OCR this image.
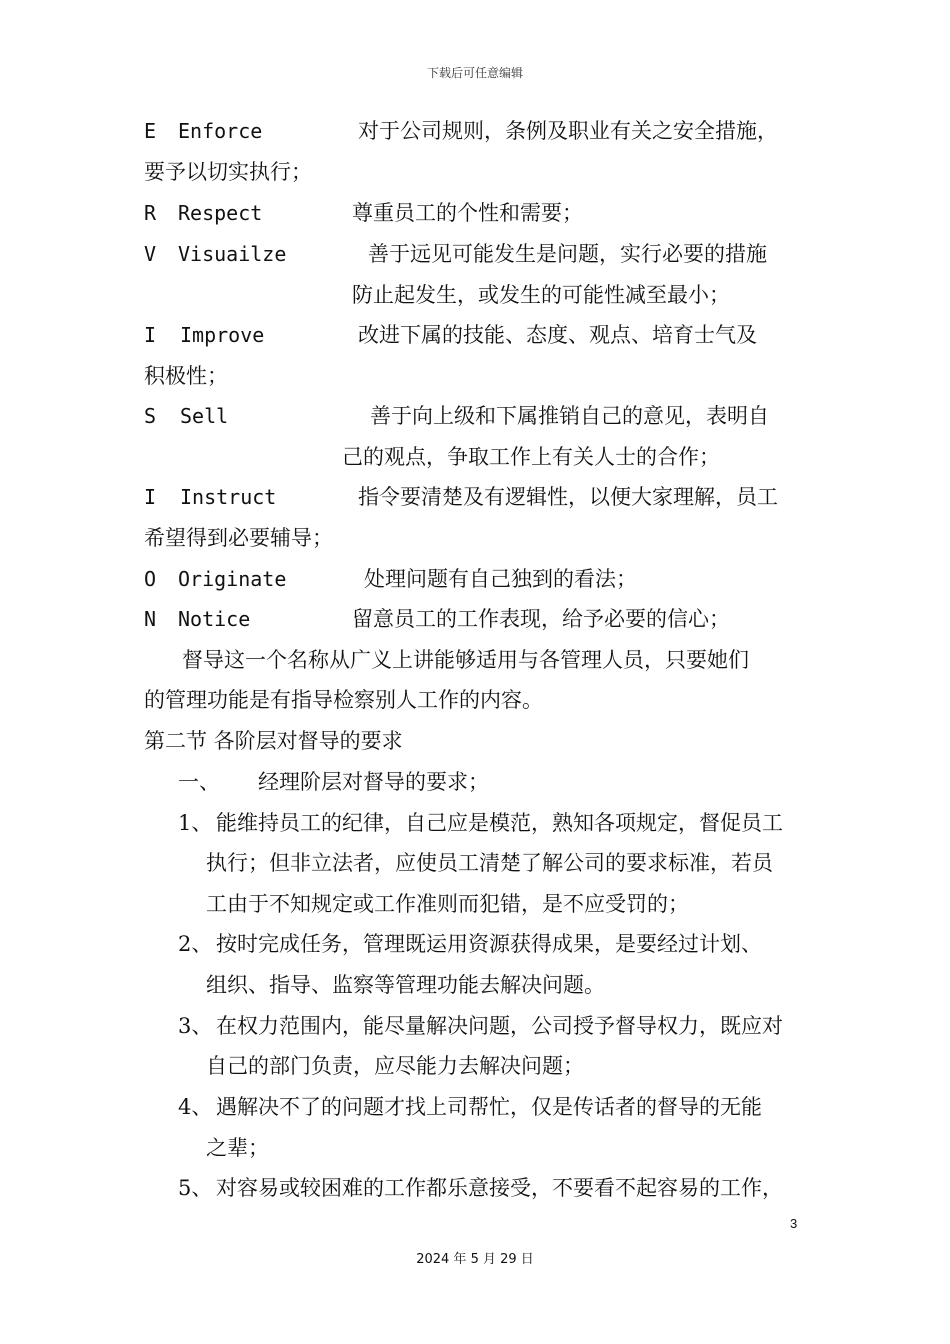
下载后可任意编辑
E Enforce	对于公司规则，条例及职业有关之安全措施，
要予以切实执行；
R Respect	尊重员工的个性和需要；
V Visuailze	善于远见可能发生是问题，实行必要的措施
防止起发生，或发生的可能性减至最小；
I Improve	改进下属的技能、态度、观点、培育士气及
积极性；
S Sell	善于向上级和下属推销自己的意见，表明自
己的观点，争取工作上有关人士的合作；
I Instruct	指令要清楚及有逻辑性，以便大家理解，员工
希望得到必要辅导；
O Originate	处理问题有自己独到的看法；
N Notice	留意员工的工作表现，给予必要的信心；
督导这一个名称从广义上讲能够适用与各管理人员，只要她们
的管理功能是有指导检察别人工作的内容。
第二节 各阶层对督导的要求
一、 经理阶层对督导的要求；
1、 能维持员工的纪律，自己应是模范，熟知各项规定，督促员工
执行；但非立法者，应使员工清楚了解公司的要求标准，若员
工由于不知规定或工作准则而犯错，是不应受罚的；
2、 按时完成任务，管理既运用资源获得成果，是要经过计划、
组织、指导、监察等管理功能去解决问题。
3、 在权力范围内，能尽量解决问题，公司授予督导权力，既应对
自己的部门负责，应尽能力去解决问题；
4、 遇解决不了的问题才找上司帮忙，仅是传话者的督导的无能
之辈；
5、 对容易或较困难的工作都乐意接受，不要看不起容易的工作，
3
2024 年 5 月 29 日
